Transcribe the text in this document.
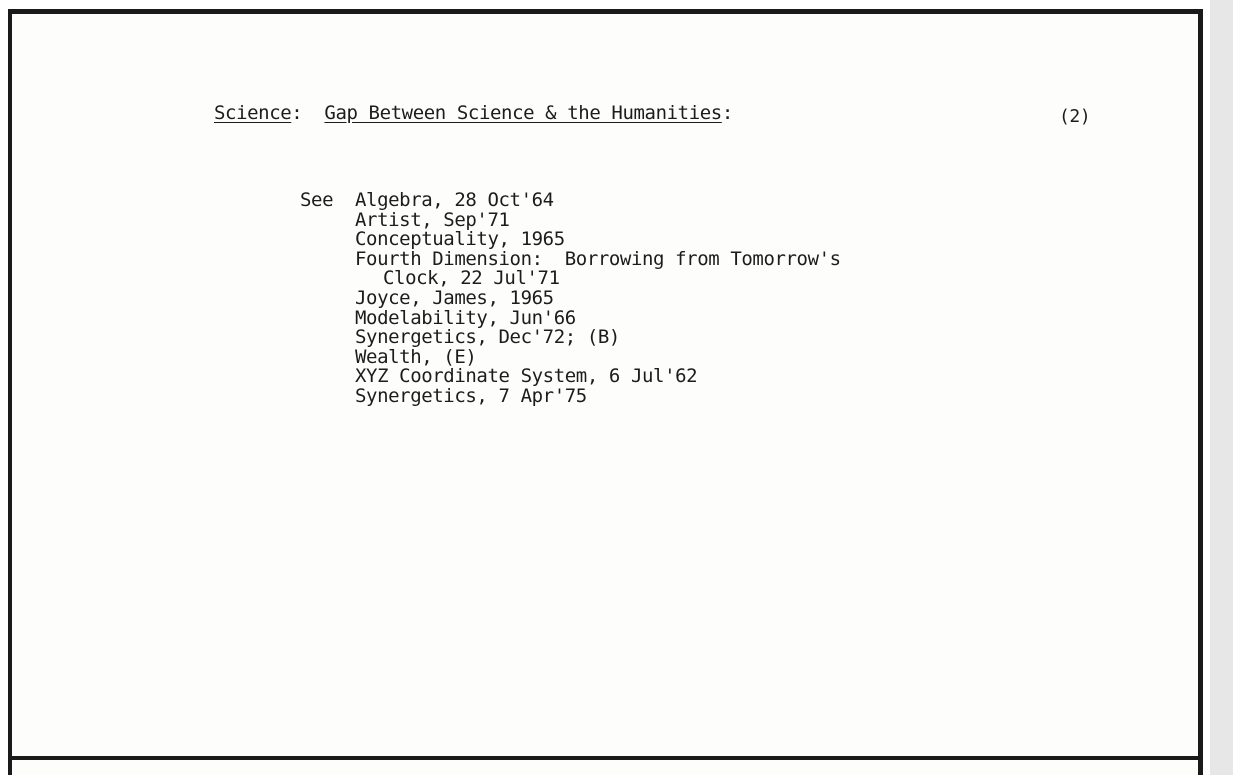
Science: Gap Between Science & the Humanities:	(2)
See Algebra, 28 Oct'64
Artist, Sep'71
Conceptuality, 1965
Fourth Dimension:  Borrowing from Tomorrow's
Clock, 22 Jul'71
Joyce, James, 1965
Modelability, Jun'66
Synergetics, Dec'72; (B)
Wealth, (E)
XYZ Coordinate System, 6 Jul'62
Synergetics, 7 Apr'75
